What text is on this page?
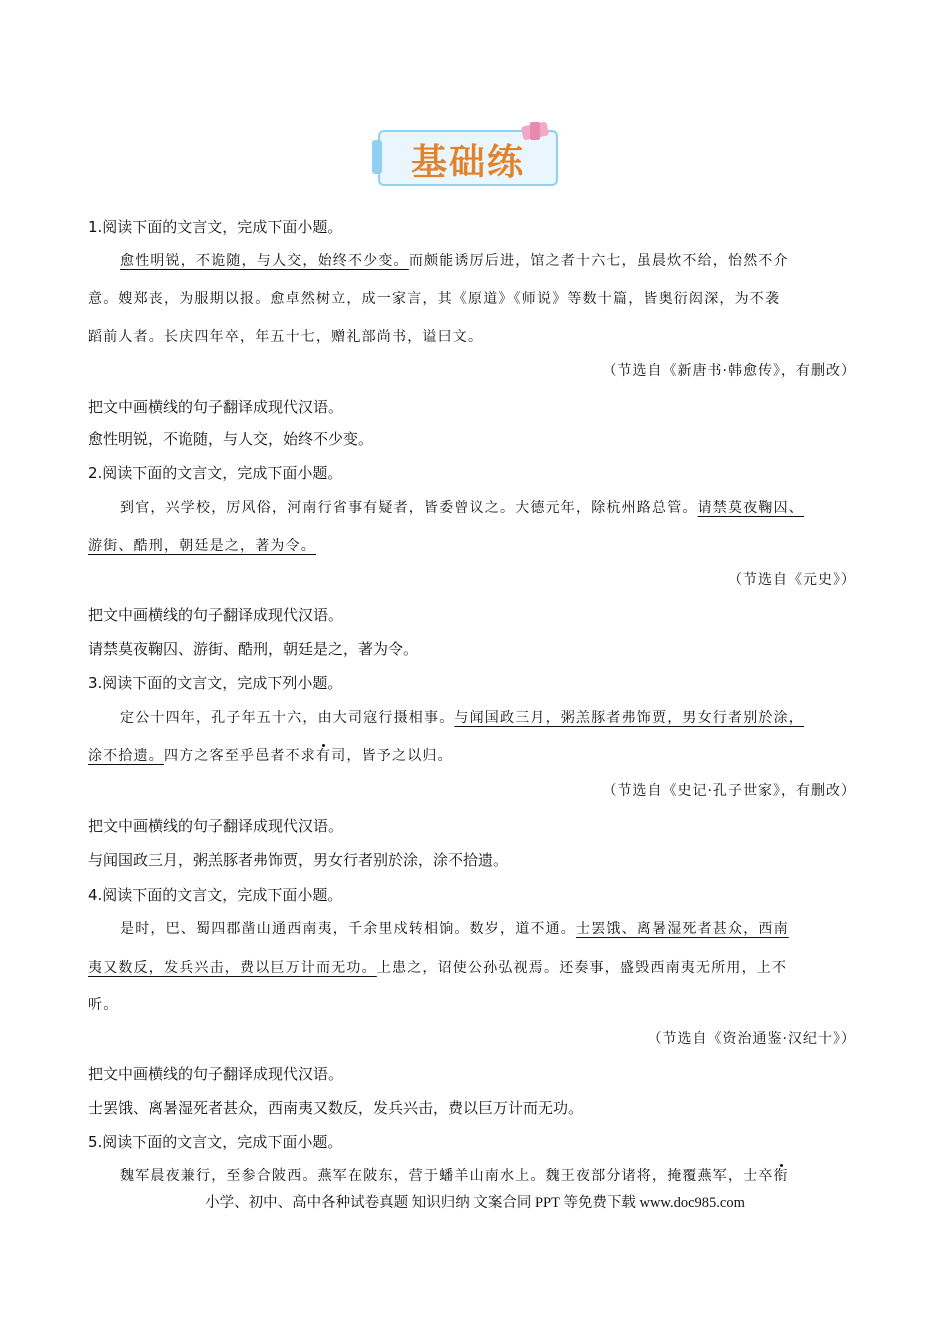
基础练
1.阅读下面的文言文，完成下面小题。
愈性明锐，不诡随，与人交，始终不少变。而颇能诱厉后进，馆之者十六七，虽晨炊不给，怡然不介
意。嫂郑丧，为服期以报。愈卓然树立，成一家言，其《原道》《师说》等数十篇，皆奥衍闳深，为不袭
蹈前人者。长庆四年卒，年五十七，赠礼部尚书，谥曰文。
（节选自《新唐书·韩愈传》，有删改）
把文中画横线的句子翻译成现代汉语。
愈性明锐，不诡随，与人交，始终不少变。
2.阅读下面的文言文，完成下面小题。
到官，兴学校，厉风俗，河南行省事有疑者，皆委曾议之。大德元年，除杭州路总管。请禁莫夜鞠囚、
游街、酷刑，朝廷是之，著为令。
（节选自《元史》）
把文中画横线的句子翻译成现代汉语。
请禁莫夜鞠囚、游街、酷刑，朝廷是之，著为令。
3.阅读下面的文言文，完成下列小题。
定公十四年，孔子年五十六，由大司寇行摄相事。与闻国政三月，粥羔豚者弗饰贾，男女行者别於涂，
涂不拾遗。四方之客至乎邑者不求有司，皆予之以归。
（节选自《史记·孔子世家》，有删改）
把文中画横线的句子翻译成现代汉语。
与闻国政三月，粥羔豚者弗饰贾，男女行者别於涂，涂不拾遗。
4.阅读下面的文言文，完成下面小题。
是时，巴、蜀四郡凿山通西南夷，千余里戍转相饷。数岁，道不通。士罢饿、离暑湿死者甚众，西南
夷又数反，发兵兴击，费以巨万计而无功。上患之，诏使公孙弘视焉。还奏事，盛毁西南夷无所用，上不
听。
（节选自《资治通鉴·汉纪十》）
把文中画横线的句子翻译成现代汉语。
士罢饿、离暑湿死者甚众，西南夷又数反，发兵兴击，费以巨万计而无功。
5.阅读下面的文言文，完成下面小题。
魏军晨夜兼行，至参合陂西。燕军在陂东，营于蟠羊山南水上。魏王夜部分诸将，掩覆燕军，士卒衔
小学、初中、高中各种试卷真题 知识归纳 文案合同 PPT 等免费下载 www.doc985.com
